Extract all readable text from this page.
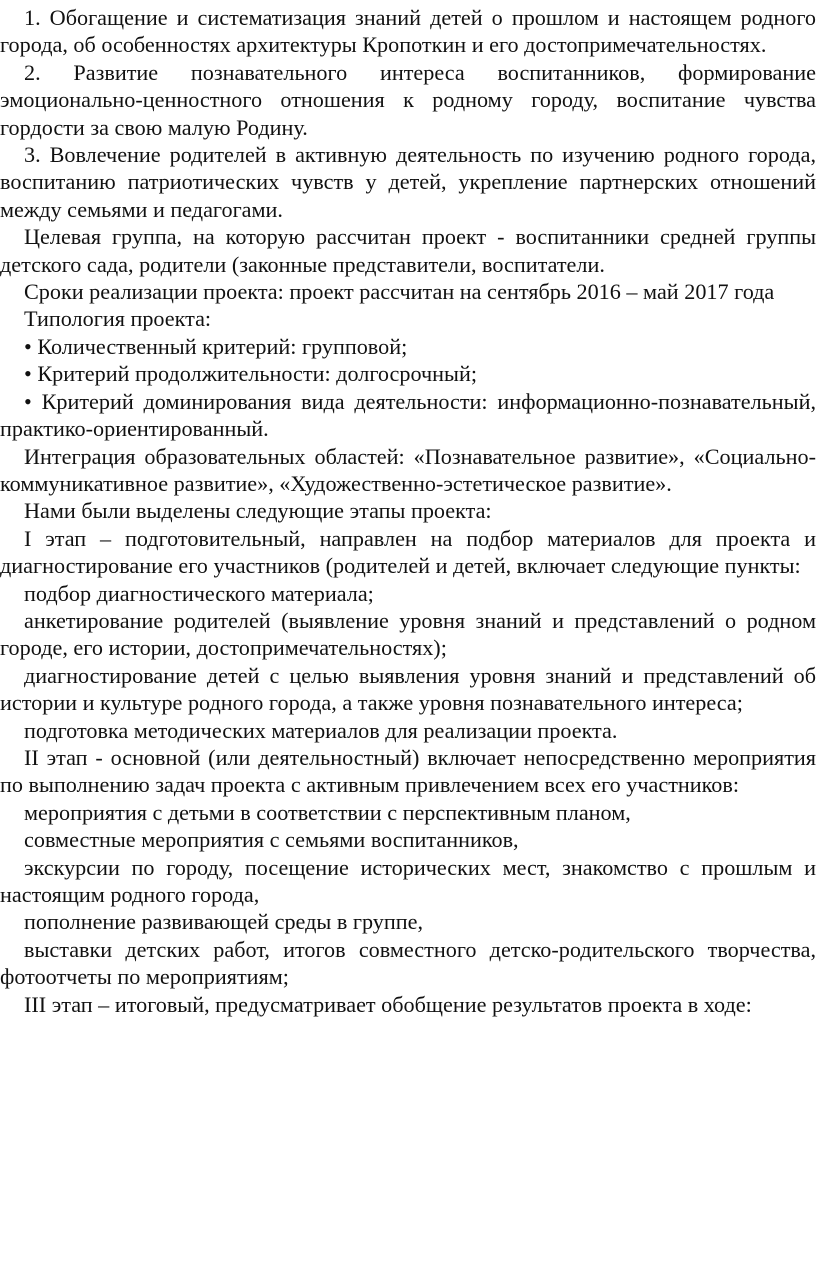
1. Обогащение и систематизация знаний детей о прошлом и настоящем родного города, об особенностях архитектуры Кропоткин и его достопримечательностях.

2. Развитие познавательного интереса воспитанников, формирование эмоционально-ценностного отношения к родному городу, воспитание чувства гордости за свою малую Родину.

3. Вовлечение родителей в активную деятельность по изучению родного города, воспитанию патриотических чувств у детей, укрепление партнерских отношений между семьями и педагогами.

Целевая группа, на которую рассчитан проект - воспитанники средней группы детского сада, родители (законные представители, воспитатели.

Сроки реализации проекта: проект рассчитан на сентябрь 2016 – май 2017 года

Типология проекта:

• Количественный критерий: групповой;

• Критерий продолжительности: долгосрочный;

• Критерий доминирования вида деятельности: информационно-познавательный, практико-ориентированный.

Интеграция образовательных областей: «Познавательное развитие», «Социально-коммуникативное развитие», «Художественно-эстетическое развитие».

Нами были выделены следующие этапы проекта:

I этап – подготовительный, направлен на подбор материалов для проекта и диагностирование его участников (родителей и детей, включает следующие пункты:

подбор диагностического материала;

анкетирование родителей (выявление уровня знаний и представлений о родном городе, его истории, достопримечательностях);

диагностирование детей с целью выявления уровня знаний и представлений об истории и культуре родного города, а также уровня познавательного интереса;

подготовка методических материалов для реализации проекта.

II этап - основной (или деятельностный) включает непосредственно мероприятия по выполнению задач проекта с активным привлечением всех его участников:

мероприятия с детьми в соответствии с перспективным планом,

совместные мероприятия с семьями воспитанников,

экскурсии по городу, посещение исторических мест, знакомство с прошлым и настоящим родного города,

пополнение развивающей среды в группе,

выставки детских работ, итогов совместного детско-родительского творчества, фотоотчеты по мероприятиям;

III этап – итоговый, предусматривает обобщение результатов проекта в ходе:
